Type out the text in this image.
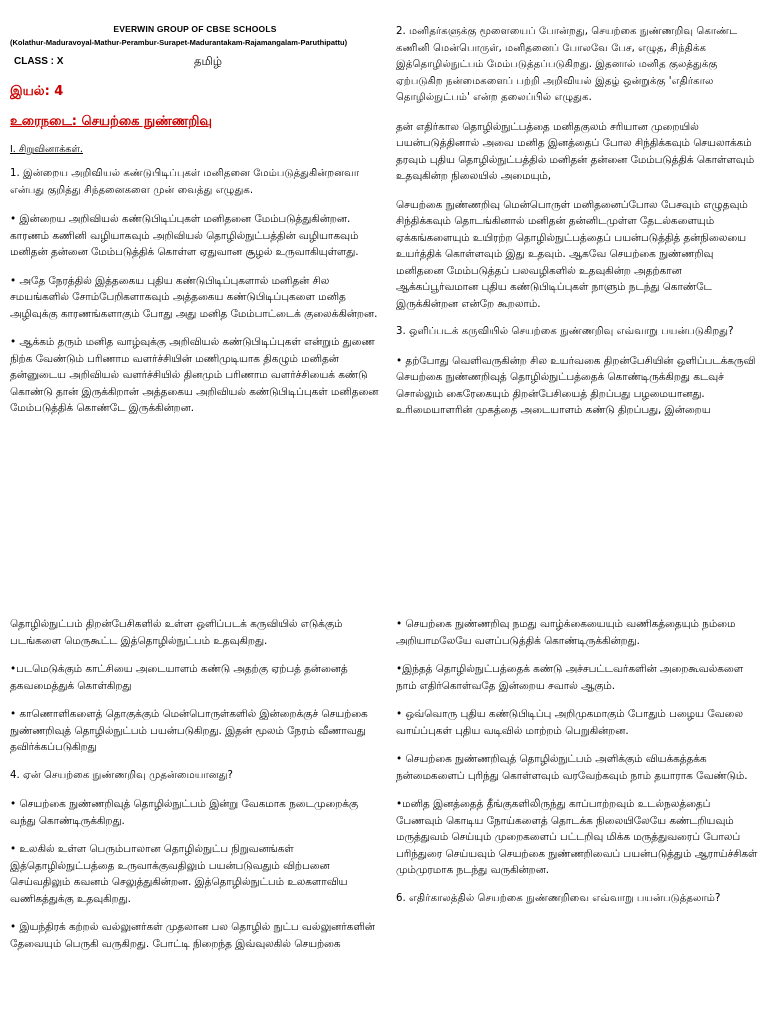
EVERWIN GROUP OF CBSE SCHOOLS
(Kolathur-Maduravoyal-Mathur-Perambur-Surapet-Madurantakam-Rajamangalam-Paruthipattu)
CLASS : X	தமிழ்
இயல்: 4
உரைநடை: செயற்கை நுண்ணறிவு
I. சிறுவினாக்கள்.

1. இன்றைய அறிவியல் கண்டுபிடிப்புகள் மனிதனை மேம்படுத்துகின்றனவா என்பது குறித்து சிந்தனைகளை முன் வைத்து எழுதுக.

• இன்றைய அறிவியல் கண்டுபிடிப்புகள் மனிதனை மேம்படுத்துகின்றன. காரணம் கணினி வழியாகவும் அறிவியல் தொழில்நுட்பத்தின் வழியாகவும் மனிதன் தன்னை மேம்படுத்திக் கொள்ள ஏதுவான சூழல் உருவாகியுள்ளது.

• அதே நேரத்தில் இத்தகைய புதிய கண்டுபிடிப்புகளால் மனிதன் சில சமயங்களில் சோம்பேறிகளாகவும் அத்தகைய கண்டுபிடிப்புகளை மனித அழிவுக்கு காரணங்களாகும் போது அது மனித மேம்பாட்டைக் குலைக்கின்றன.

• ஆக்கம் தரும் மனித வாழ்வுக்கு அறிவியல் கண்டுபிடிப்புகள் என்றும் துணை நிற்க வேண்டும் பரிணாம வளர்ச்சியின் மணிமுடியாக திகழும் மனிதன் தன்னுடைய அறிவியல் வளர்ச்சியில் தினமும் பரிணாம வளர்ச்சியைக் கண்டு கொண்டு தான் இருக்கிறான் அத்தகைய அறிவியல் கண்டுபிடிப்புகள் மனிதனை மேம்படுத்திக் கொண்டே இருக்கின்றன.

2. மனிதர்களுக்கு மூளையைப் போன்றது, செயற்கை நுண்ணறிவு கொண்ட கணினி மென்பொருள், மனிதனைப் போலவே பேச, எழுத, சிந்திக்க இத்தொழில்நுட்பம் மேம்படுத்தப்படுகிறது. இதனால் மனித குலத்துக்கு ஏற்படுகிற நன்மைகளைப் பற்றி அறிவியல் இதழ் ஒன்றுக்கு 'எதிர்கால தொழில்நுட்பம்' என்ற தலைப்பில் எழுதுக.

தன் எதிர்கால தொழில்நுட்பத்தை மனிதகுலம் சரியான முறையில் பயன்படுத்தினால் அவை மனித இனத்தைப் போல சிந்திக்கவும் செயலாக்கம் தரவும் புதிய தொழில்நுட்பத்தில் மனிதன் தன்னை மேம்படுத்திக் கொள்ளவும் உதவுகின்ற நிலையில் அமையும்,

செயற்கை நுண்ணறிவு மென்பொருள் மனிதனைப்போல பேசவும் எழுதவும் சிந்திக்கவும் தொடங்கினால் மனிதன் தன்னிடமுள்ள தேடல்களையும் ஏக்கங்களையும் உயிரற்ற தொழில்நுட்பத்தைப் பயன்படுத்தித் தன்நிலையை உயர்த்திக் கொள்ளவும் இது உதவும். ஆகவே செயற்கை நுண்ணறிவு மனிதனை மேம்படுத்தப் பலவழிகளில் உதவுகின்ற அதற்கான ஆக்கப்பூர்வமான புதிய கண்டுபிடிப்புகள் நாளும் நடந்து கொண்டே இருக்கின்றன என்றே கூறலாம்.

3. ஒளிப்படக் கருவியில் செயற்கை நுண்ணறிவு எவ்வாறு பயன்படுகிறது?

• தற்போது வெளிவருகின்ற சில உயர்வகை திறன்பேசியின் ஒளிப்படக்கருவி செயற்கை நுண்ணறிவுத் தொழில்நுட்பத்தைக் கொண்டிருக்கிறது கடவுச் சொல்லும் கைரேகையும் திறன்பேசியைத் திறப்பது பழமையானது. உரிமையாளரின் முகத்தை அடையாளம் கண்டு திறப்பது, இன்றைய

தொழில்நுட்பம் திறன்பேசிகளில் உள்ள ஒளிப்படக் கருவியில் எடுக்கும் படங்களை மெருகூட்ட இத்தொழில்நுட்பம் உதவுகிறது.

•படமெடுக்கும் காட்சியை அடையாளம் கண்டு அதற்கு ஏற்பத் தன்னைத் தகவமைத்துக் கொள்கிறது

• காணொளிகளைத் தொகுக்கும் மென்பொருள்களில் இன்றைக்குச் செயற்கை நுண்ணறிவுத் தொழில்நுட்பம் பயன்படுகிறது. இதன் மூலம் நேரம் வீணாவது தவிர்க்கப்படுகிறது

4. ஏன் செயற்கை நுண்ணறிவு முதன்மையானது?

• செயற்கை நுண்ணறிவுத் தொழில்நுட்பம் இன்று வேகமாக நடைமுறைக்கு வந்து கொண்டிருக்கிறது.

• உலகில் உள்ள பெரும்பாலான தொழில்நுட்ப நிறுவனங்கள் இத்தொழில்நுட்பத்தை உருவாக்குவதிலும் பயன்படுவதும் விற்பனை செய்வதிலும் கவனம் செலுத்துகின்றன. இத்தொழில்நுட்பம் உலகளாவிய வணிகத்துக்கு உதவுகிறது.

• இயந்திரக் கற்றல் வல்லுனர்கள் முதலான பல தொழில் நுட்ப வல்லுனர்களின் தேவையும் பெருகி வருகிறது. போட்டி நிறைந்த இவ்வுலகில் செயற்கை

• செயற்கை நுண்ணறிவு நமது வாழ்க்கையையும் வணிகத்தையும் நம்மை அறியாமலேயே வளப்படுத்திக் கொண்டிருக்கின்றது.

•இந்தத் தொழில்நுட்பத்தைக் கண்டு அச்சபட்டவர்களின் அறைகூவல்களை நாம் எதிர்கொள்வதே இன்றைய சவால் ஆகும்.

• ஒவ்வொரு புதிய கண்டுபிடிப்பு அறிமுகமாகும் போதும் பழைய வேலை வாய்ப்புகள் புதிய வடிவில் மாற்றம் பெறுகின்றன.

• செயற்கை நுண்ணறிவுத் தொழில்நுட்பம் அளிக்கும் வியக்கத்தக்க நன்மைகளைப் புரிந்து கொள்ளவும் வரவேற்கவும் நாம் தயாராக வேண்டும்.

•மனித இனத்தைத் தீங்குகளிலிருந்து காப்பாற்றவும் உடல்நலத்தைப் பேணவும் கொடிய நோய்களைத் தொடக்க நிலையிலேயே கண்டறியவும் மருத்துவம் செய்யும் முறைகளைப் பட்டறிவு மிக்க மருத்துவரைப் போலப் பரிந்துரை செய்யவும் செயற்கை நுண்ணறிவைப் பயன்படுத்தும் ஆராய்ச்சிகள் மும்முரமாக நடந்து வருகின்றன.

6. எதிர்காலத்தில் செயற்கை நுண்ணறிவை எவ்வாறு பயன்படுத்தலாம்?
